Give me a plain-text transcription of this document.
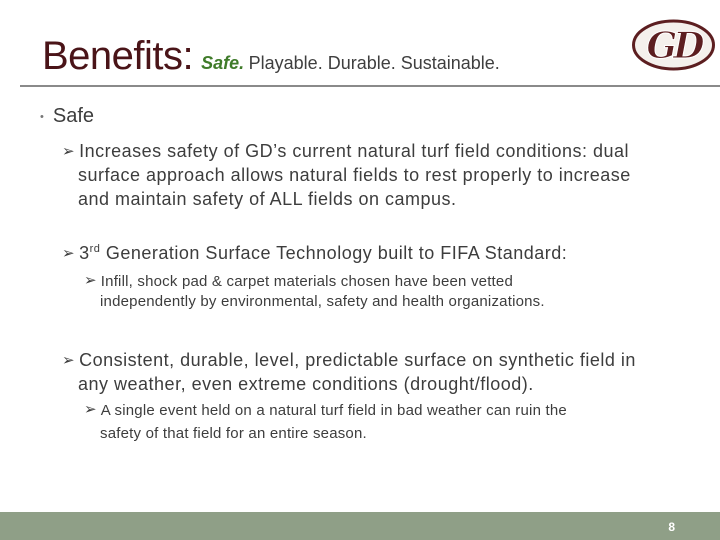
Benefits: Safe. Playable. Durable. Sustainable.	GD
• Safe
➢ Increases safety of GD’s current natural turf field conditions: dual
surface approach allows natural fields to rest properly to increase
and maintain safety of ALL fields on campus.
➢ 3rd Generation Surface Technology built to FIFA Standard:
➢ Infill, shock pad & carpet materials chosen have been vetted
independently by environmental, safety and health organizations.
➢ Consistent, durable, level, predictable surface on synthetic field in
any weather, even extreme conditions (drought/flood).
➢ A single event held on a natural turf field in bad weather can ruin the
safety of that field for an entire season.
8
